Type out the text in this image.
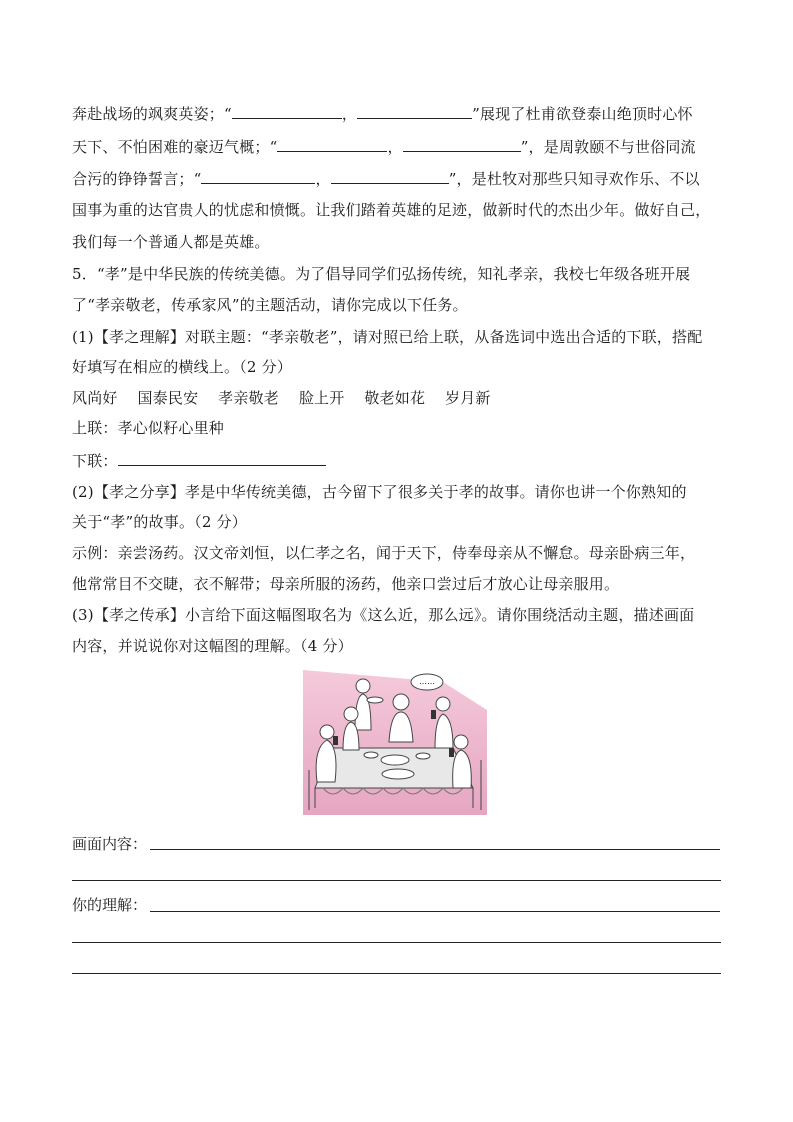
奔赴战场的飒爽英姿；“	，	”展现了杜甫欲登泰山绝顶时心怀
天下、不怕困难的豪迈气概；“	，	”，是周敦颐不与世俗同流
合污的铮铮誓言；“	，	”，是杜牧对那些只知寻欢作乐、不以
国事为重的达官贵人的忧虑和愤慨。让我们踏着英雄的足迹，做新时代的杰出少年。做好自己，
我们每一个普通人都是英雄。
5．“孝”是中华民族的传统美德。为了倡导同学们弘扬传统，知礼孝亲，我校七年级各班开展
了“孝亲敬老，传承家风”的主题活动，请你完成以下任务。
(1)【孝之理解】对联主题：“孝亲敬老”，请对照已给上联，从备选词中选出合适的下联，搭配
好填写在相应的横线上。（2 分）
风尚好 国泰民安 孝亲敬老 脸上开 敬老如花 岁月新
上联：孝心似籽心里种
下联：
(2)【孝之分享】孝是中华传统美德，古今留下了很多关于孝的故事。请你也讲一个你熟知的
关于“孝”的故事。（2 分）
示例：亲尝汤药。汉文帝刘恒，以仁孝之名，闻于天下，侍奉母亲从不懈怠。母亲卧病三年，
他常常目不交睫，衣不解带；母亲所服的汤药，他亲口尝过后才放心让母亲服用。
(3)【孝之传承】小言给下面这幅图取名为《这么近，那么远》。请你围绕活动主题，描述画面
内容，并说说你对这幅图的理解。（4 分）
……
画面内容：
你的理解：
